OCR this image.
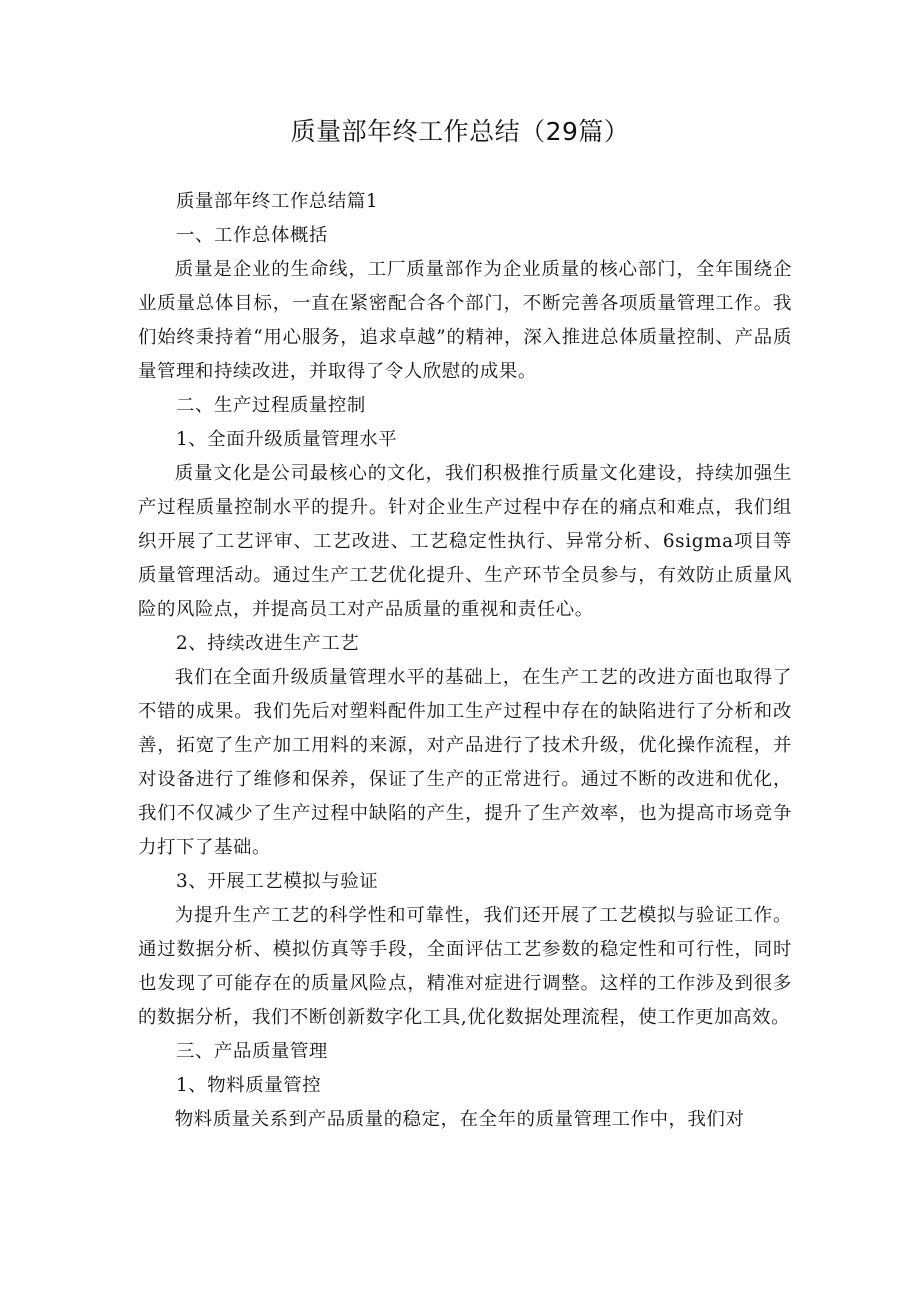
质量部年终工作总结（29篇）

质量部年终工作总结篇1

一、工作总体概括

质量是企业的生命线，工厂质量部作为企业质量的核心部门，全年围绕企业质量总体目标，一直在紧密配合各个部门，不断完善各项质量管理工作。我们始终秉持着“用心服务，追求卓越”的精神，深入推进总体质量控制、产品质量管理和持续改进，并取得了令人欣慰的成果。

二、生产过程质量控制

1、全面升级质量管理水平

质量文化是公司最核心的文化，我们积极推行质量文化建设，持续加强生产过程质量控制水平的提升。针对企业生产过程中存在的痛点和难点，我们组织开展了工艺评审、工艺改进、工艺稳定性执行、异常分析、6sigma项目等质量管理活动。通过生产工艺优化提升、生产环节全员参与，有效防止质量风险的风险点，并提高员工对产品质量的重视和责任心。

2、持续改进生产工艺

我们在全面升级质量管理水平的基础上，在生产工艺的改进方面也取得了不错的成果。我们先后对塑料配件加工生产过程中存在的缺陷进行了分析和改善，拓宽了生产加工用料的来源，对产品进行了技术升级，优化操作流程，并对设备进行了维修和保养，保证了生产的正常进行。通过不断的改进和优化，我们不仅减少了生产过程中缺陷的产生，提升了生产效率，也为提高市场竞争力打下了基础。

3、开展工艺模拟与验证

为提升生产工艺的科学性和可靠性，我们还开展了工艺模拟与验证工作。通过数据分析、模拟仿真等手段，全面评估工艺参数的稳定性和可行性，同时也发现了可能存在的质量风险点，精准对症进行调整。这样的工作涉及到很多的数据分析，我们不断创新数字化工具,优化数据处理流程，使工作更加高效。

三、产品质量管理

1、物料质量管控

物料质量关系到产品质量的稳定，在全年的质量管理工作中，我们对
